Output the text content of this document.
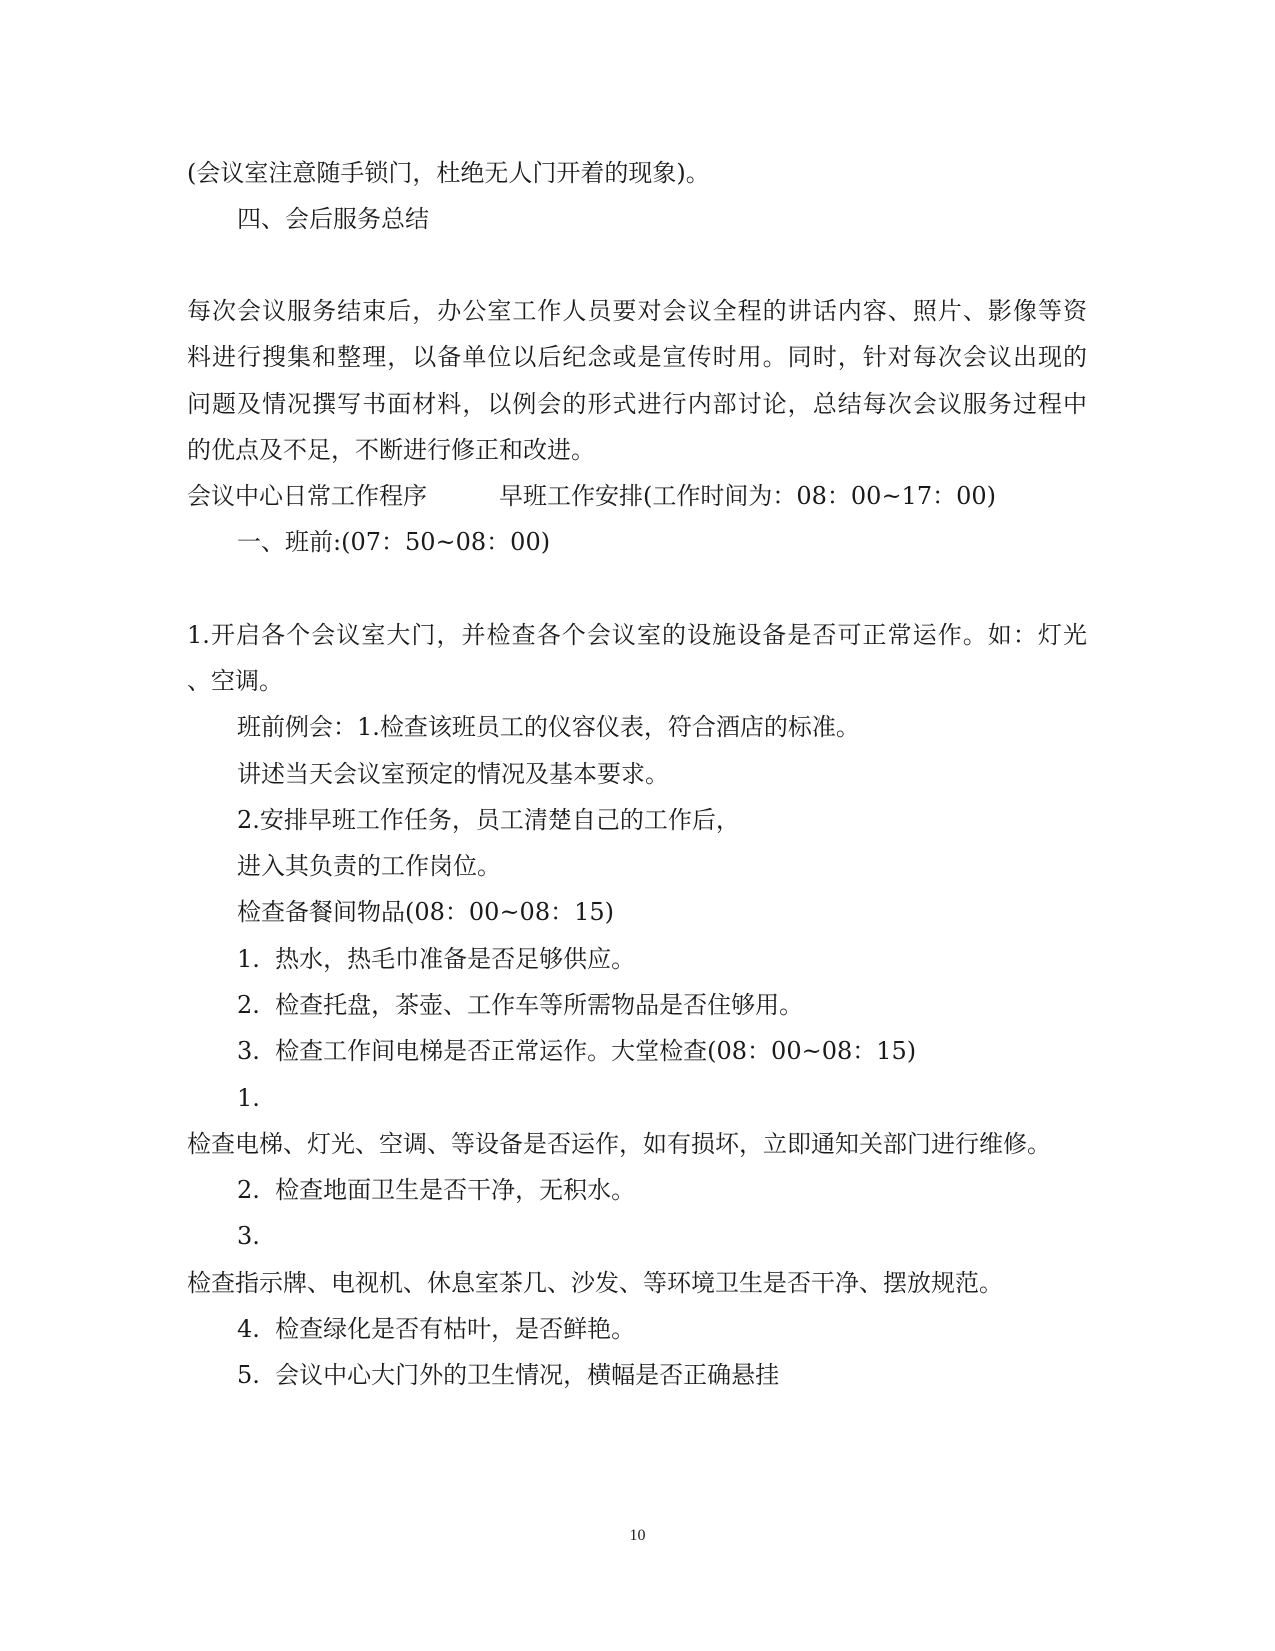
(会议室注意随手锁门，杜绝无人门开着的现象)。
四、会后服务总结
每次会议服务结束后，办公室工作人员要对会议全程的讲话内容、照片、影像等资
料进行搜集和整理，以备单位以后纪念或是宣传时用。同时，针对每次会议出现的
问题及情况撰写书面材料，以例会的形式进行内部讨论，总结每次会议服务过程中
的优点及不足，不断进行修正和改进。
会议中心日常工作程序　　　早班工作安排(工作时间为：08：00~17：00)
一、班前:(07：50~08：00)
1.开启各个会议室大门，并检查各个会议室的设施设备是否可正常运作。如：灯光
、空调。
班前例会：1.检查该班员工的仪容仪表，符合酒店的标准。
讲述当天会议室预定的情况及基本要求。
2.安排早班工作任务，员工清楚自己的工作后，
进入其负责的工作岗位。
检查备餐间物品(08：00~08：15)
1.  热水，热毛巾准备是否足够供应。
2.  检查托盘，茶壶、工作车等所需物品是否住够用。
3.  检查工作间电梯是否正常运作。大堂检查(08：00~08：15)
1.
检查电梯、灯光、空调、等设备是否运作，如有损坏，立即通知关部门进行维修。
2.  检查地面卫生是否干净，无积水。
3.
检查指示牌、电视机、休息室茶几、沙发、等环境卫生是否干净、摆放规范。
4.  检查绿化是否有枯叶，是否鲜艳。
5.  会议中心大门外的卫生情况，横幅是否正确悬挂
10
